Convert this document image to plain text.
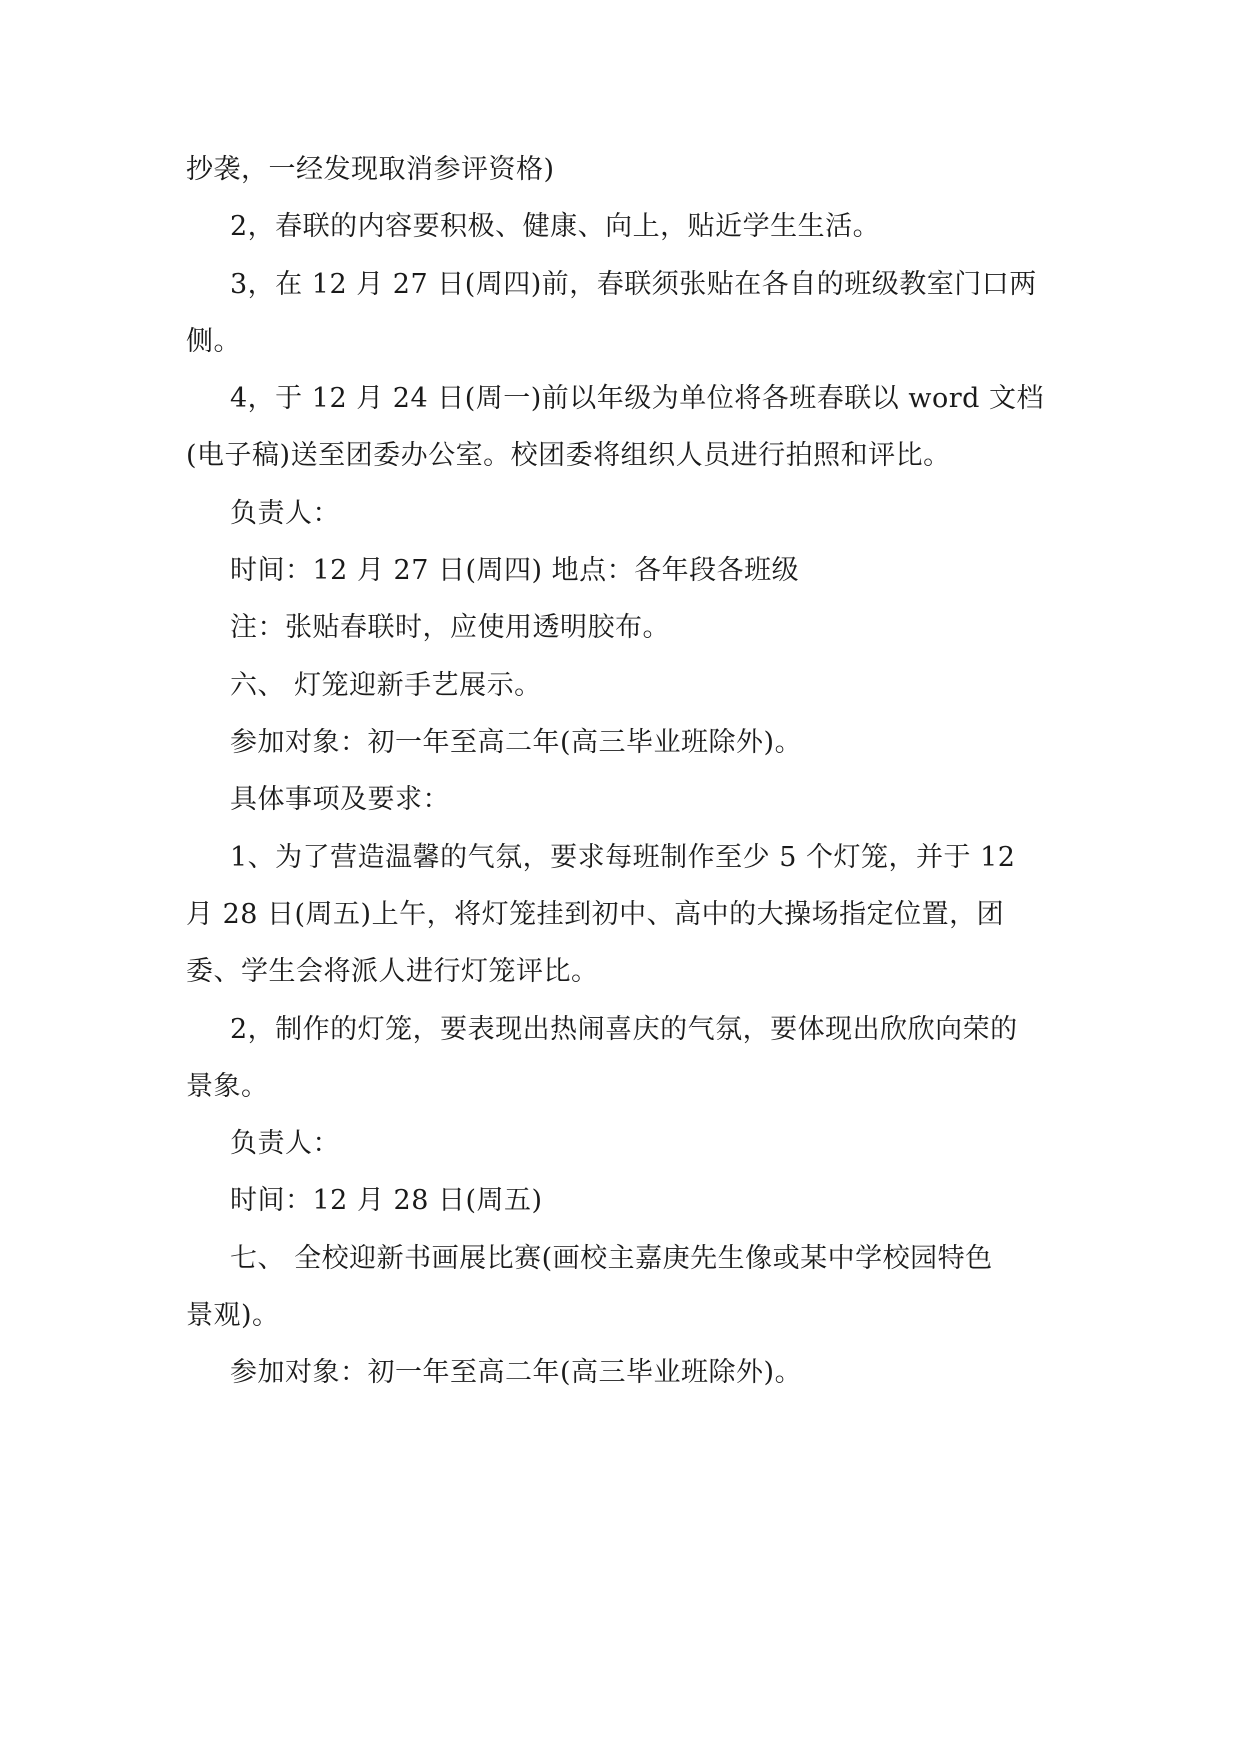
抄袭，一经发现取消参评资格)
2，春联的内容要积极、健康、向上，贴近学生生活。
3，在 12 月 27 日(周四)前，春联须张贴在各自的班级教室门口两
侧。
4，于 12 月 24 日(周一)前以年级为单位将各班春联以 word 文档
(电子稿)送至团委办公室。校团委将组织人员进行拍照和评比。
负责人：
时间：12 月 27 日(周四) 地点：各年段各班级
注：张贴春联时，应使用透明胶布。
六、 灯笼迎新手艺展示。
参加对象：初一年至高二年(高三毕业班除外)。
具体事项及要求：
1、为了营造温馨的气氛，要求每班制作至少 5 个灯笼，并于 12
月 28 日(周五)上午，将灯笼挂到初中、高中的大操场指定位置，团
委、学生会将派人进行灯笼评比。
2，制作的灯笼，要表现出热闹喜庆的气氛，要体现出欣欣向荣的
景象。
负责人：
时间：12 月 28 日(周五)
七、 全校迎新书画展比赛(画校主嘉庚先生像或某中学校园特色
景观)。
参加对象：初一年至高二年(高三毕业班除外)。
